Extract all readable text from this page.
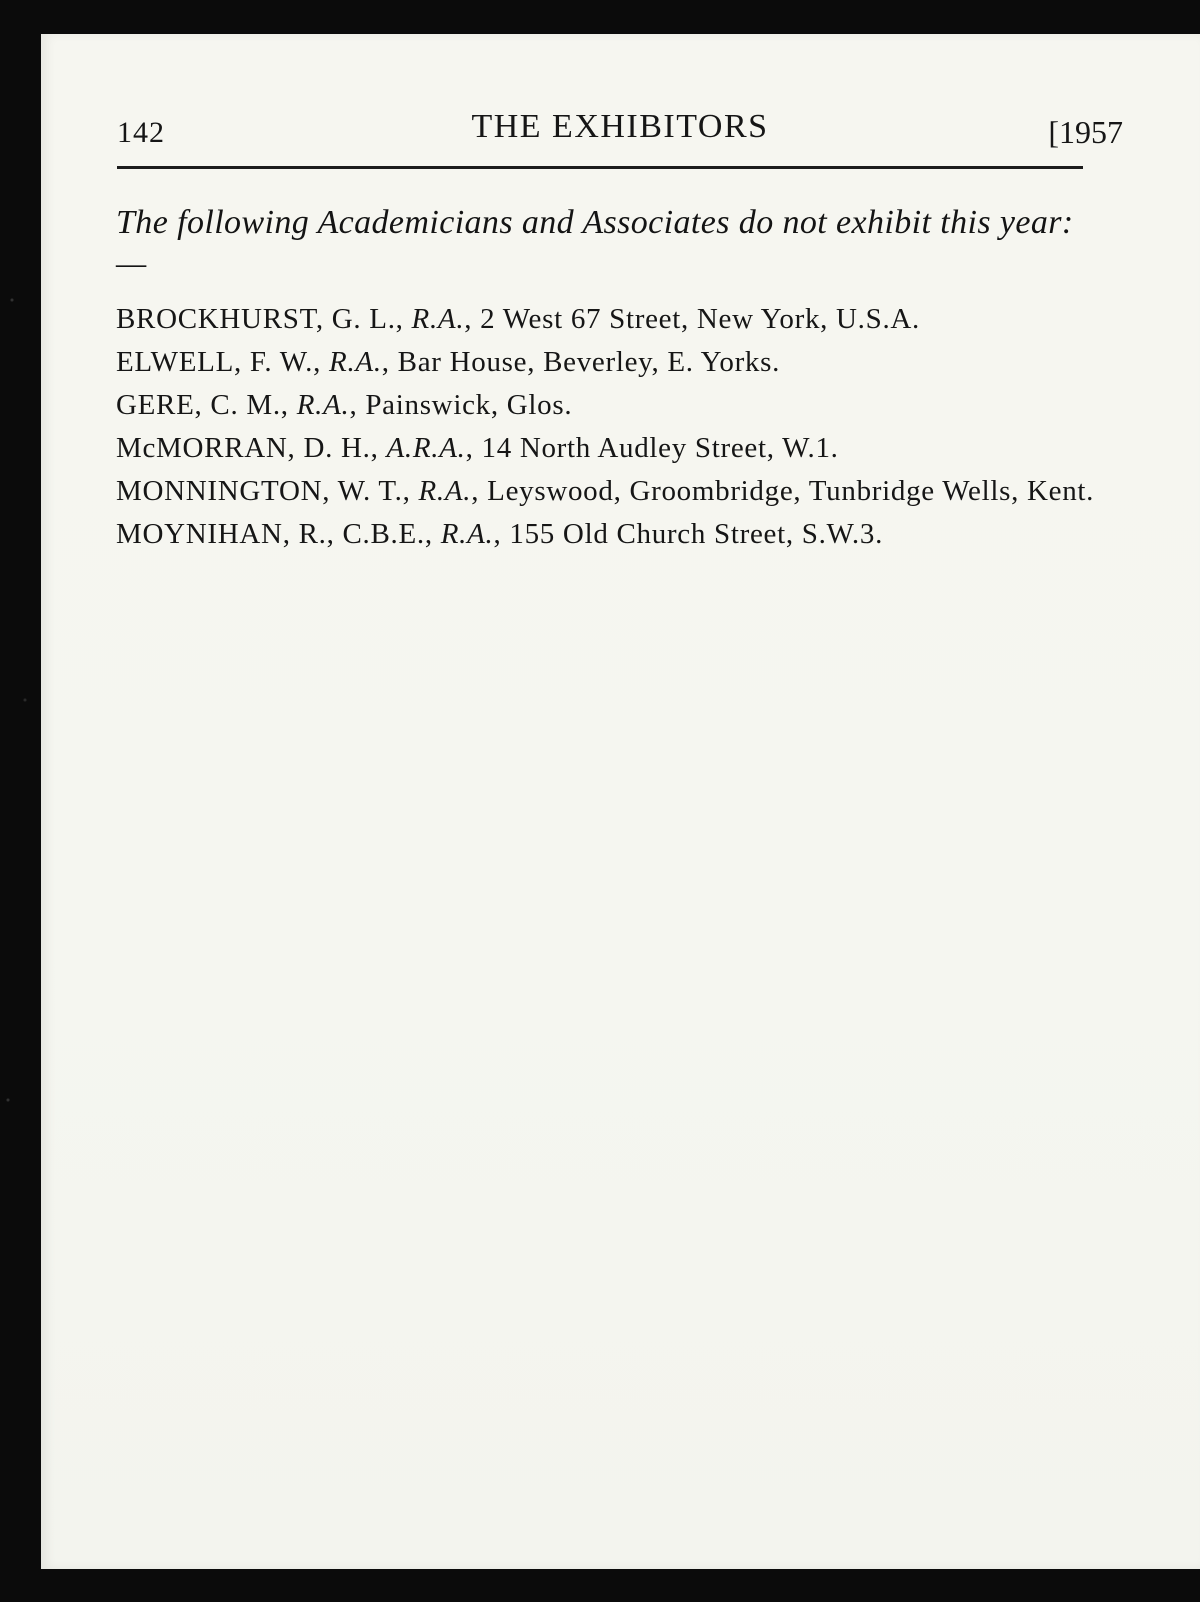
142	THE EXHIBITORS	[1957
The following Academicians and Associates do not exhibit this year:—
BROCKHURST, G. L., R.A., 2 West 67 Street, New York, U.S.A.
ELWELL, F. W., R.A., Bar House, Beverley, E. Yorks.
GERE, C. M., R.A., Painswick, Glos.
McMORRAN, D. H., A.R.A., 14 North Audley Street, W.1.
MONNINGTON, W. T., R.A., Leyswood, Groombridge, Tunbridge Wells, Kent.
MOYNIHAN, R., C.B.E., R.A., 155 Old Church Street, S.W.3.
